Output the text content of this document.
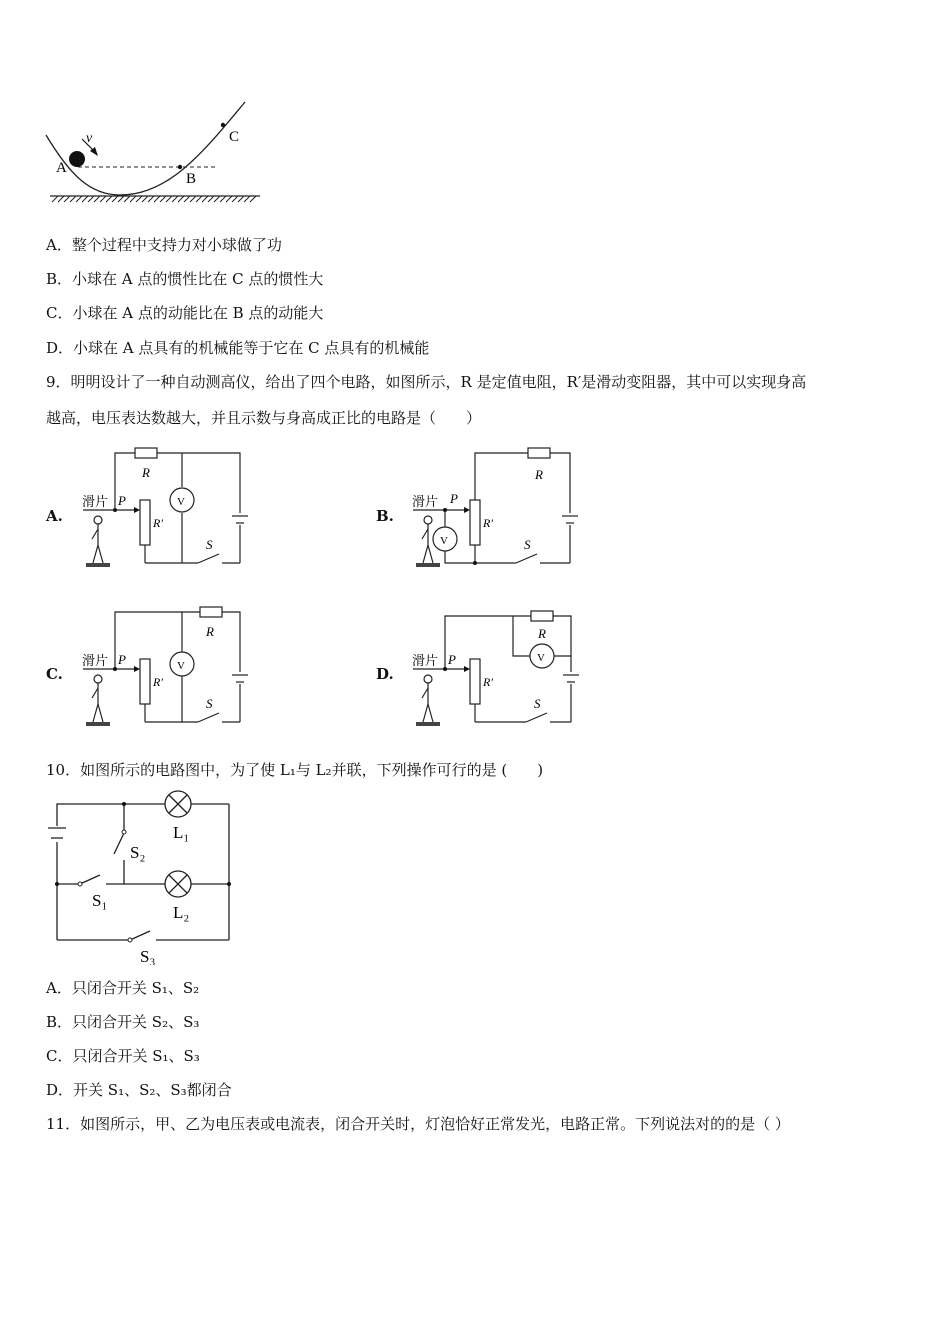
v
A
B
C
A．整个过程中支持力对小球做了功
B．小球在 A 点的惯性比在 C 点的惯性大
C．小球在 A 点的动能比在 B 点的动能大
D．小球在 A 点具有的机械能等于它在 C 点具有的机械能
9．明明设计了一种自动测高仪，给出了四个电路，如图所示，R 是定值电阻，R′是滑动变阻器，其中可以实现身高
越高，电压表达数越大，并且示数与身高成正比的电路是（　　）
A.	B.
C.	D.
滑片 P
R
R′
V
S
滑片 P
R
R′
V	S
滑片 P
R
R′
V
S
滑片 P
R
R′
V
S
10．如图所示的电路图中，为了使 L₁与 L₂并联，下列操作可行的是 (　　)
L₁
L₂
S₂
S₁
S₃
A．只闭合开关 S₁、S₂
B．只闭合开关 S₂、S₃
C．只闭合开关 S₁、S₃
D．开关 S₁、S₂、S₃都闭合
11．如图所示，甲、乙为电压表或电流表，闭合开关时，灯泡恰好正常发光，电路正常。下列说法对的的是（ ）
